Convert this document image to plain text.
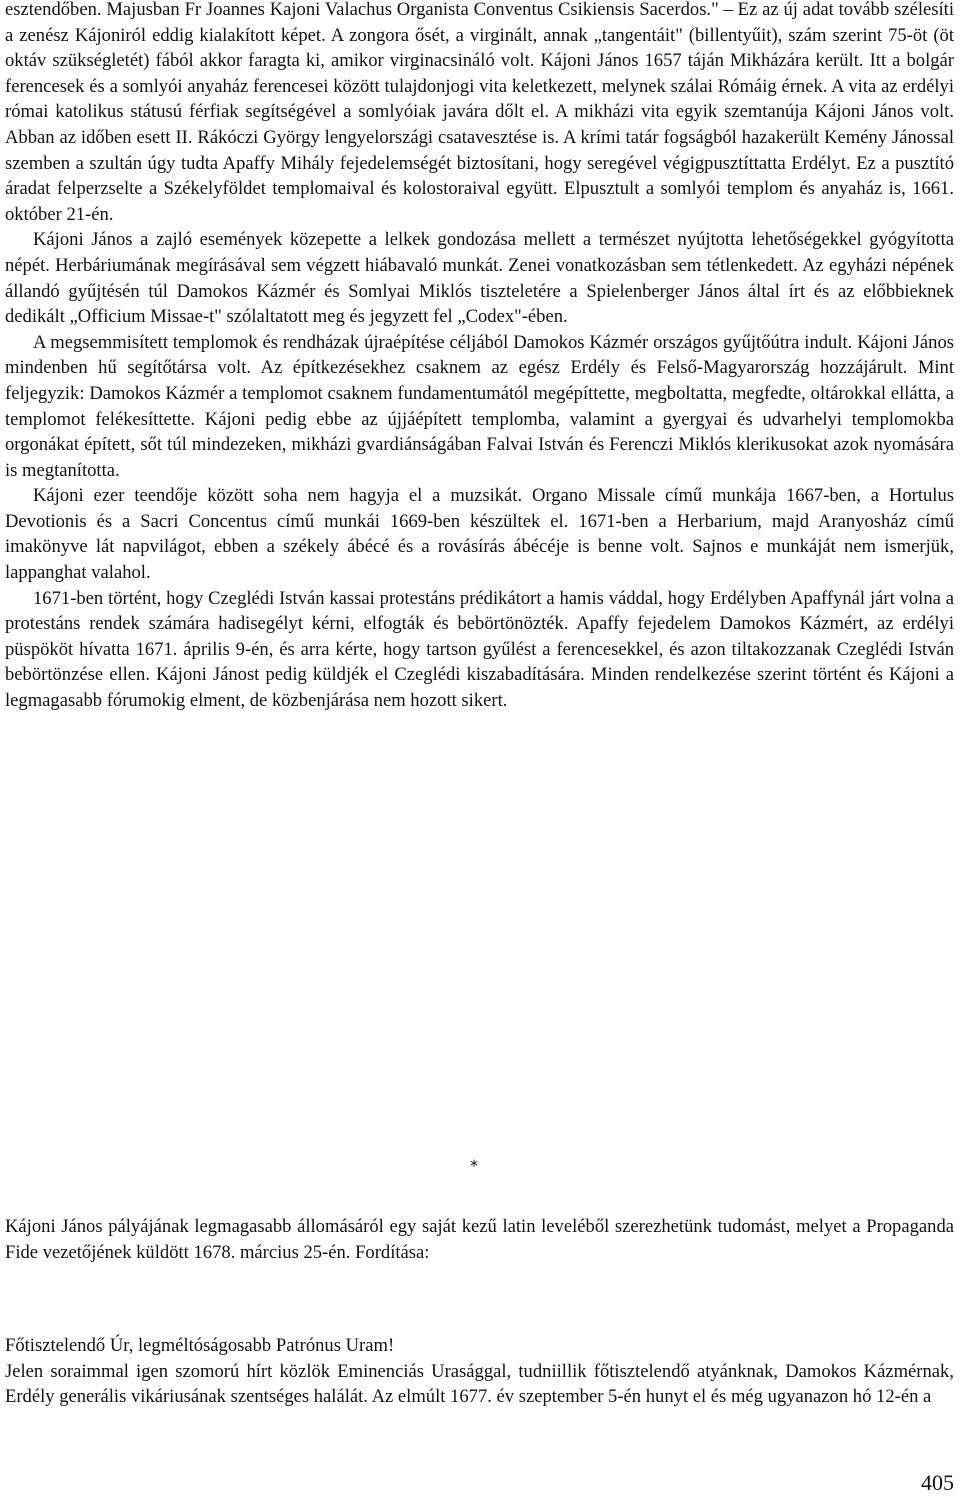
esztendőben. Majusban Fr Joannes Kajoni Valachus Organista Conventus Csikiensis Sacerdos." – Ez az új adat tovább szélesíti a zenész Kájoniról eddig kialakított képet. A zongora ősét, a virginált, annak „tangentáit" (billentyűit), szám szerint 75-öt (öt oktáv szükségletét) fából akkor faragta ki, amikor virginacsináló volt. Kájoni János 1657 táján Mikházára került. Itt a bolgár ferencesek és a somlyói anyaház ferencesei között tulajdonjogi vita keletkezett, melynek szálai Rómáig érnek. A vita az erdélyi római katolikus státusú férfiak segítségével a somlyóiak javára dőlt el. A mikházi vita egyik szemtanúja Kájoni János volt. Abban az időben esett II. Rákóczi György lengyelországi csatavesztése is. A krími tatár fogságból hazakerült Kemény Jánossal szemben a szultán úgy tudta Apaffy Mihály fejedelemségét biztosítani, hogy seregével végigpusztíttatta Erdélyt. Ez a pusztító áradat felperzselte a Székelyföldet templomaival és kolostoraival együtt. Elpusztult a somlyói templom és anyaház is, 1661. október 21-én.

Kájoni János a zajló események közepette a lelkek gondozása mellett a természet nyújtotta lehetőségekkel gyógyította népét. Herbáriumának megírásával sem végzett hiábavaló munkát. Zenei vonatkozásban sem tétlenkedett. Az egyházi népének állandó gyűjtésén túl Damokos Kázmér és Somlyai Miklós tiszteletére a Spielenberger János által írt és az előbbieknek dedikált „Officium Missae-t" szólaltatott meg és jegyzett fel „Codex"-ében.

A megsemmisített templomok és rendházak újraépítése céljából Damokos Kázmér országos gyűjtőútra indult. Kájoni János mindenben hű segítőtársa volt. Az építkezésekhez csaknem az egész Erdély és Felső-Magyarország hozzájárult. Mint feljegyzik: Damokos Kázmér a templomot csaknem fundamentumától megépíttette, megboltatta, megfedte, oltárokkal ellátta, a templomot felékesíttette. Kájoni pedig ebbe az újjáépített templomba, valamint a gyergyai és udvarhelyi templomokba orgonákat épített, sőt túl mindezeken, mikházi gvardiánságában Falvai István és Ferenczi Miklós klerikusokat azok nyomására is megtanította.

Kájoni ezer teendője között soha nem hagyja el a muzsikát. Organo Missale című munkája 1667-ben, a Hortulus Devotionis és a Sacri Concentus című munkái 1669-ben készültek el. 1671-ben a Herbarium, majd Aranyosház című imakönyve lát napvilágot, ebben a székely ábécé és a rovásírás ábécéje is benne volt. Sajnos e munkáját nem ismerjük, lappanghat valahol.

1671-ben történt, hogy Czeglédi István kassai protestáns prédikátort a hamis váddal, hogy Erdélyben Apaffynál járt volna a protestáns rendek számára hadisegélyt kérni, elfogták és bebörtönözték. Apaffy fejedelem Damokos Kázmért, az erdélyi püspököt hívatta 1671. április 9-én, és arra kérte, hogy tartson gyűlést a ferencesekkel, és azon tiltakozzanak Czeglédi István bebörtönzése ellen. Kájoni Jánost pedig küldjék el Czeglédi kiszabadítására. Minden rendelkezése szerint történt és Kájoni a legmagasabb fórumokig elment, de közbenjárása nem hozott sikert.

*

Kájoni János pályájának legmagasabb állomásáról egy saját kezű latin leveléből szerezhetünk tudomást, melyet a Propaganda Fide vezetőjének küldött 1678. március 25-én. Fordítása:

Főtisztelendő Úr, legméltóságosabb Patrónus Uram!

Jelen soraimmal igen szomorú hírt közlök Eminenciás Urasággal, tudniillik főtisztelendő atyánknak, Damokos Kázmérnak, Erdély generális vikáriusának szentséges halálát. Az elmúlt 1677. év szeptember 5-én hunyt el és még ugyanazon hó 12-én a

405
